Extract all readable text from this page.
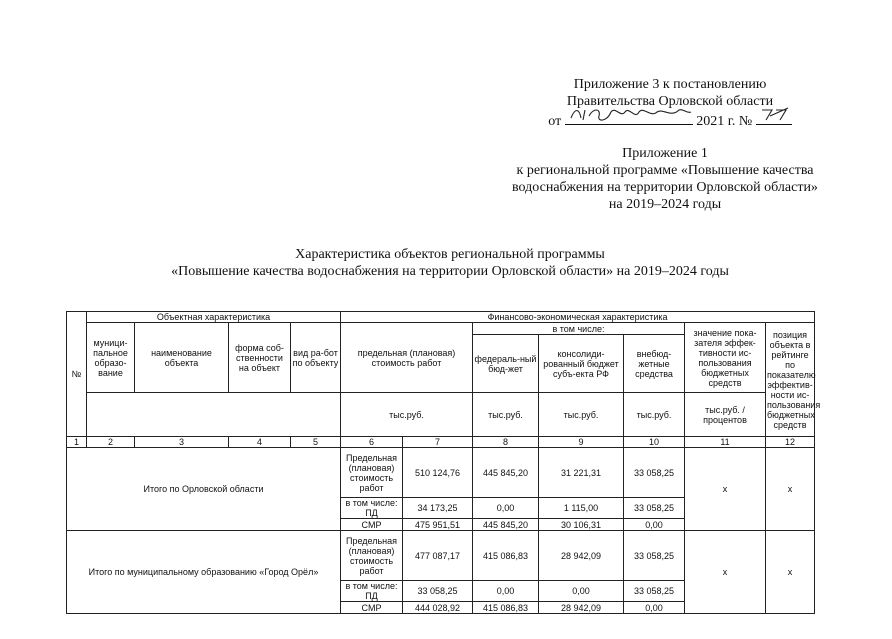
Приложение 3 к постановлению
Правительства Орловской области
от	2021 г. №
Приложение 1
к региональной программе «Повышение качества
водоснабжения на территории Орловской области»
на 2019–2024 годы
Характеристика объектов региональной программы
«Повышение качества водоснабжения на территории Орловской области» на 2019–2024 годы
№	Объектная характеристика				Финансово-экономическая характеристика						
	муници-пальное образо-вание	наименование объекта	форма соб-ственности на объект	вид ра-бот по объекту	предельная (плановая) стоимость работ		в том числе:			значение пока-зателя эффек-тивности ис-пользования бюджетных средств	позиция объекта в рейтинге по показателю эффектив-ности ис-пользования бюджетных средств
							федераль-ный бюд-жет	консолиди-рованный бюджет субъ-екта РФ	внебюд-жетные средства		
					тыс.руб.		тыс.руб.	тыс.руб.	тыс.руб.	тыс.руб. / процентов	
1	2	3	4	5	6	7	8	9	10	11	12
Итого по Орловской области					Предельная (плановая) стоимость работ	510 124,76	445 845,20	31 221,31	33 058,25	х	х
					в том числе: ПД	34 173,25	0,00	1 115,00	33 058,25		
					СМР	475 951,51	445 845,20	30 106,31	0,00		
Итого по муниципальному образованию «Город Орёл»					Предельная (плановая) стоимость работ	477 087,17	415 086,83	28 942,09	33 058,25	х	х
					в том числе: ПД	33 058,25	0,00	0,00	33 058,25		
					СМР	444 028,92	415 086,83	28 942,09	0,00		
